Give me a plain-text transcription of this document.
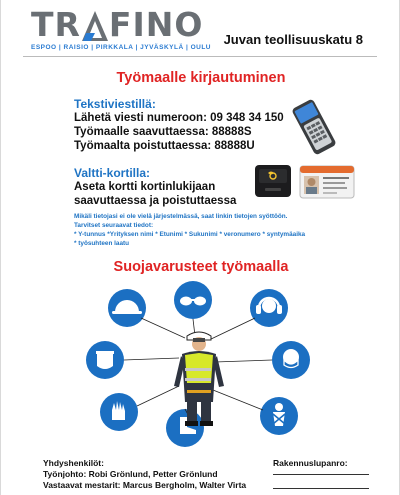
TR FINO
ESPOO | RAISIO | PIRKKALA | JYVÄSKYLÄ | OULU
Juvan teollisuuskatu 8
Työmaalle kirjautuminen
Tekstiviestillä:
Lähetä viesti numeroon: 09 348 34 150
Työmaalle saavuttaessa: 88888S
Työmaalta poistuttaessa: 88888U
Valtti-kortilla:
Aseta kortti kortinlukijaan
saavuttaessa ja poistuttaessa
Mikäli tietojasi ei ole vielä järjestelmässä, saat linkin tietojen syöttöön.
Tarvitset seuraavat tiedot:
* Y-tunnus *Yrityksen nimi * Etunimi * Sukunimi * veronumero * syntymäaika
* työsuhteen laatu
Suojavarusteet työmaalla
Yhdyshenkilöt:
Työnjohto: Robi Grönlund, Petter Grönlund
Vastaavat mestarit: Marcus Bergholm, Walter Virta
Rakennuslupanro:
